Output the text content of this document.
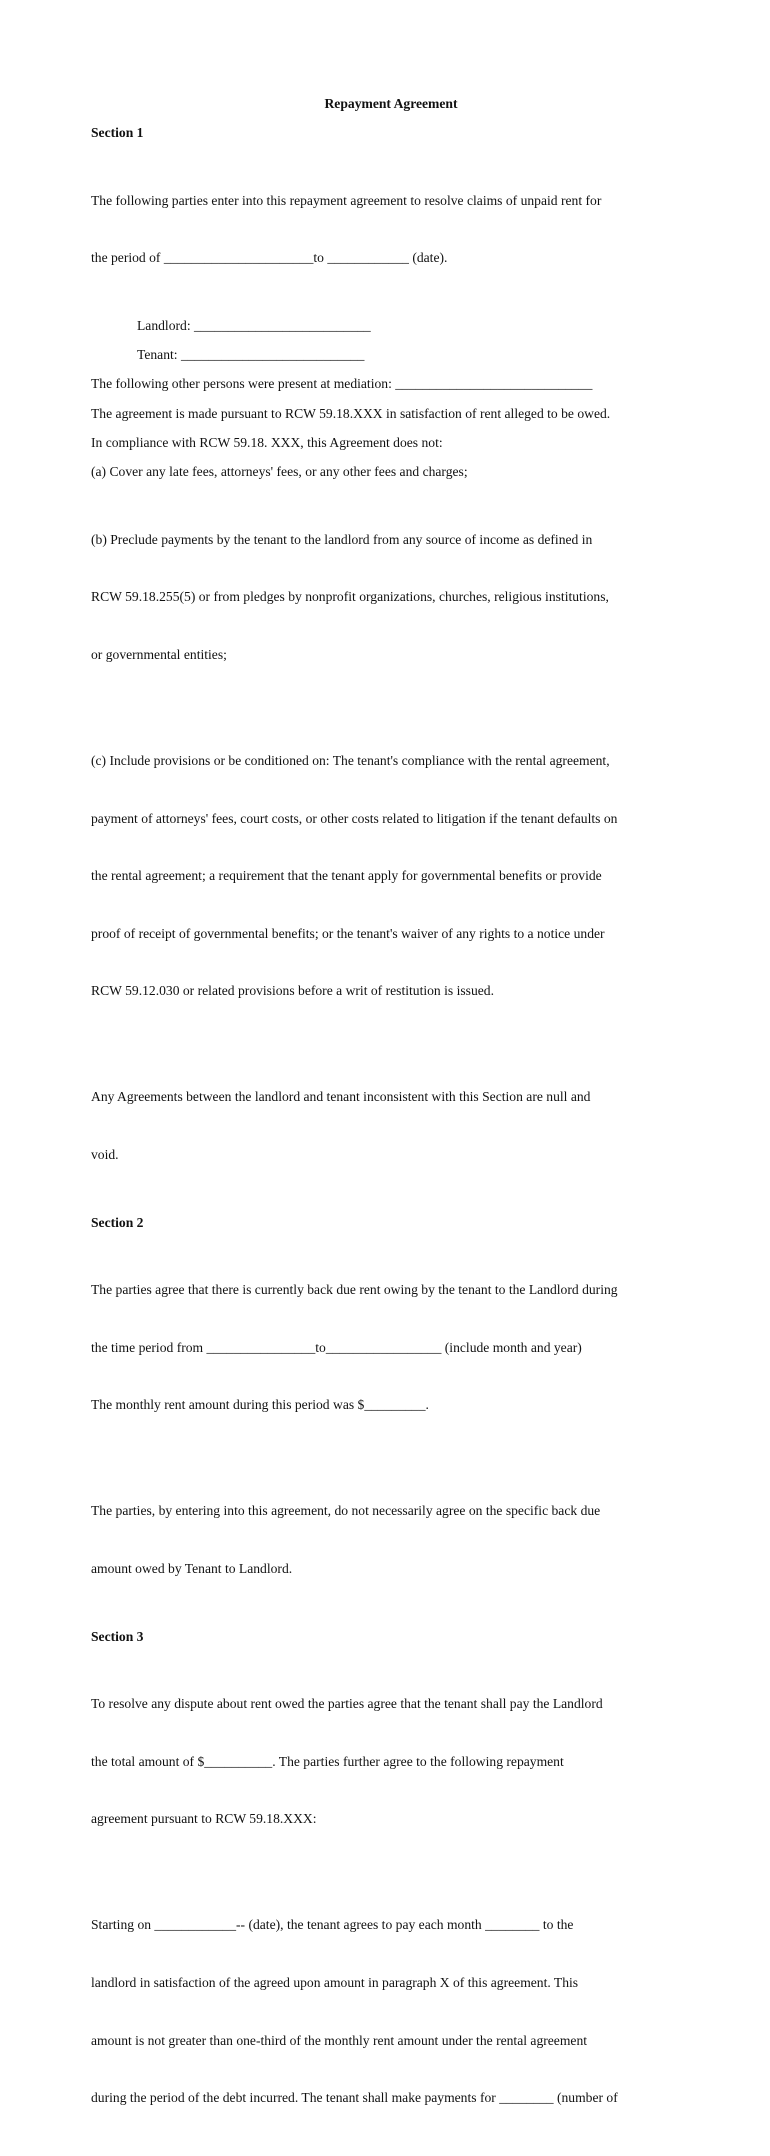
Repayment Agreement
Section 1

The following parties enter into this repayment agreement to resolve claims of unpaid rent for

the period of ______________________to ____________ (date).

Landlord: __________________________
Tenant: ___________________________
The following other persons were present at mediation: _____________________________
The agreement is made pursuant to RCW 59.18.XXX in satisfaction of rent alleged to be owed.
In compliance with RCW 59.18. XXX, this Agreement does not:
(a) Cover any late fees, attorneys' fees, or any other fees and charges;

(b) Preclude payments by the tenant to the landlord from any source of income as defined in

RCW 59.18.255(5) or from pledges by nonprofit organizations, churches, religious institutions,

or governmental entities;

(c) Include provisions or be conditioned on: The tenant's compliance with the rental agreement,

payment of attorneys' fees, court costs, or other costs related to litigation if the tenant defaults on

the rental agreement; a requirement that the tenant apply for governmental benefits or provide

proof of receipt of governmental benefits; or the tenant's waiver of any rights to a notice under

RCW 59.12.030 or related provisions before a writ of restitution is issued.

Any Agreements between the landlord and tenant inconsistent with this Section are null and

void.

Section 2

The parties agree that there is currently back due rent owing by the tenant to the Landlord during

the time period from ________________to_________________ (include month and year)

The monthly rent amount during this period was $_________.

The parties, by entering into this agreement, do not necessarily agree on the specific back due

amount owed by Tenant to Landlord.

Section 3

To resolve any dispute about rent owed the parties agree that the tenant shall pay the Landlord

the total amount of $__________. The parties further agree to the following repayment

agreement pursuant to RCW 59.18.XXX:

Starting on ____________-- (date), the tenant agrees to pay each month ________ to the

landlord in satisfaction of the agreed upon amount in paragraph X of this agreement. This

amount is not greater than one-third of the monthly rent amount under the rental agreement

during the period of the debt incurred. The tenant shall make payments for ________ (number of
